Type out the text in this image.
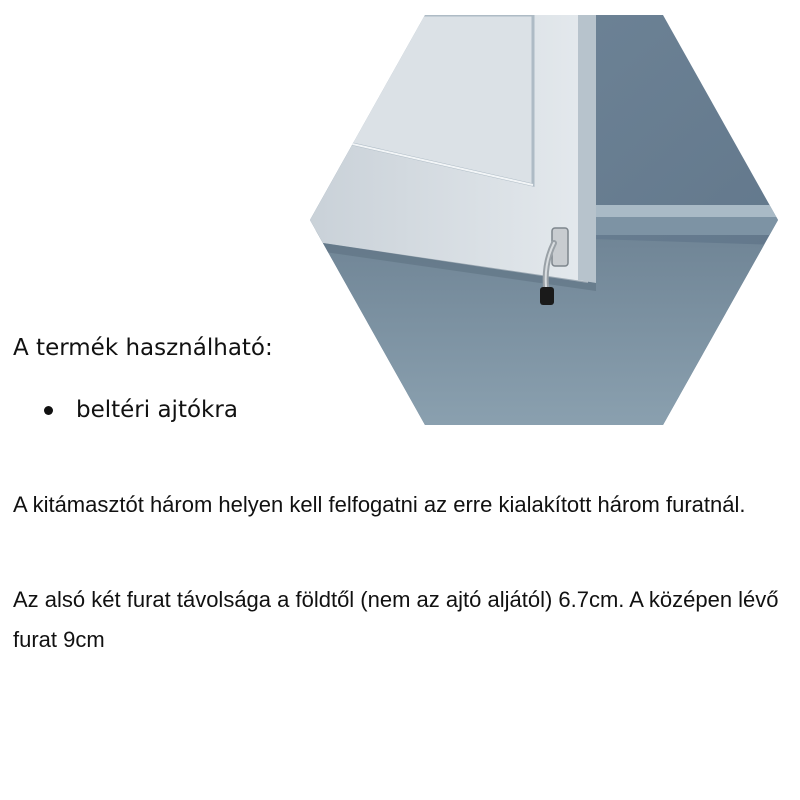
A termék használható:
beltéri ajtókra

A kitámasztót három helyen kell felfogatni az erre kialakított három furatnál.

Az alsó két furat távolsága a földtől (nem az ajtó aljától) 6.7cm. A középen lévő furat 9cm
